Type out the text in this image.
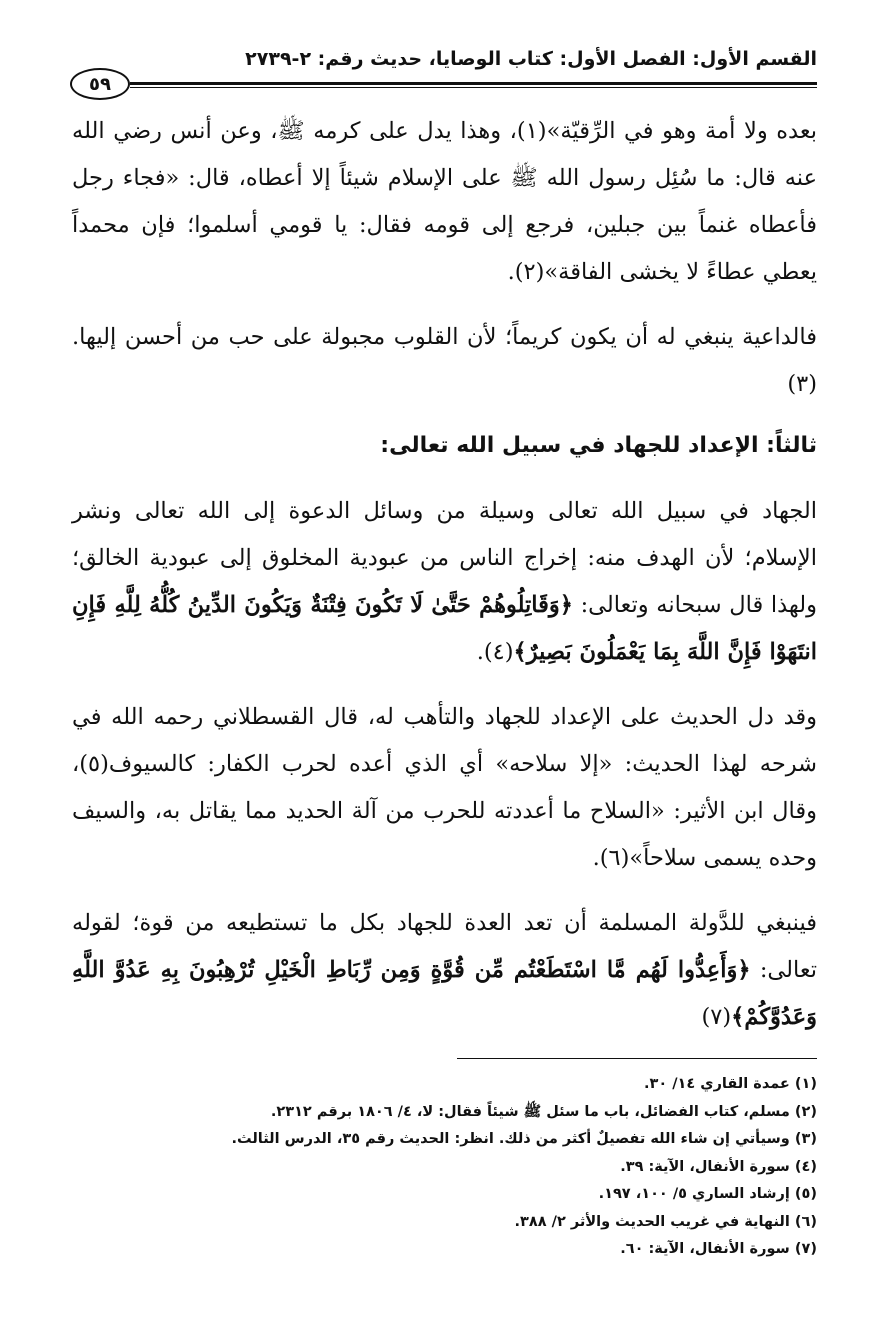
القسم الأول: الفصل الأول: كتاب الوصايا، حديث رقم: ٢-٢٧٣٩
٥٩

بعده ولا أمة وهو في الرِّقيّة»(١)، وهذا يدل على كرمه ﷺ، وعن أنس رضي الله عنه قال: ما سُئِل رسول الله ﷺ على الإسلام شيئاً إلا أعطاه، قال: «فجاء رجل فأعطاه غنماً بين جبلين، فرجع إلى قومه فقال: يا قومي أسلموا؛ فإن محمداً يعطي عطاءً لا يخشى الفاقة»(٢).

فالداعية ينبغي له أن يكون كريماً؛ لأن القلوب مجبولة على حب من أحسن إليها.(٣)

ثالثاً: الإعداد للجهاد في سبيل الله تعالى:

الجهاد في سبيل الله تعالى وسيلة من وسائل الدعوة إلى الله تعالى ونشر الإسلام؛ لأن الهدف منه: إخراج الناس من عبودية المخلوق إلى عبودية الخالق؛ ولهذا قال سبحانه وتعالى: ﴿وَقَاتِلُوهُمْ حَتَّىٰ لَا تَكُونَ فِتْنَةٌ وَيَكُونَ الدِّينُ كُلُّهُ لِلَّهِ فَإِنِ انتَهَوْا فَإِنَّ اللَّهَ بِمَا يَعْمَلُونَ بَصِيرٌ﴾(٤).

وقد دل الحديث على الإعداد للجهاد والتأهب له، قال القسطلاني رحمه الله في شرحه لهذا الحديث: «إلا سلاحه» أي الذي أعده لحرب الكفار: كالسيوف(٥)، وقال ابن الأثير: «السلاح ما أعددته للحرب من آلة الحديد مما يقاتل به، والسيف وحده يسمى سلاحاً»(٦).

فينبغي للدَّولة المسلمة أن تعد العدة للجهاد بكل ما تستطيعه من قوة؛ لقوله تعالى: ﴿وَأَعِدُّوا لَهُم مَّا اسْتَطَعْتُم مِّن قُوَّةٍ وَمِن رِّبَاطِ الْخَيْلِ تُرْهِبُونَ بِهِ عَدُوَّ اللَّهِ وَعَدُوَّكُمْ﴾(٧)

(١) عمدة القاري ١٤/ ٣٠.
(٢) مسلم، كتاب الفضائل، باب ما سئل ﷺ شيئاً فقال: لا، ٤/ ١٨٠٦ برقم ٢٣١٢.
(٣) وسيأتي إن شاء الله تفصيلٌ أكثر من ذلك. انظر: الحديث رقم ٣٥، الدرس الثالث.
(٤) سورة الأنفال، الآية: ٣٩.
(٥) إرشاد الساري ٥/ ١٠٠، ١٩٧.
(٦) النهاية في غريب الحديث والأثر ٢/ ٣٨٨.
(٧) سورة الأنفال، الآية: ٦٠.
